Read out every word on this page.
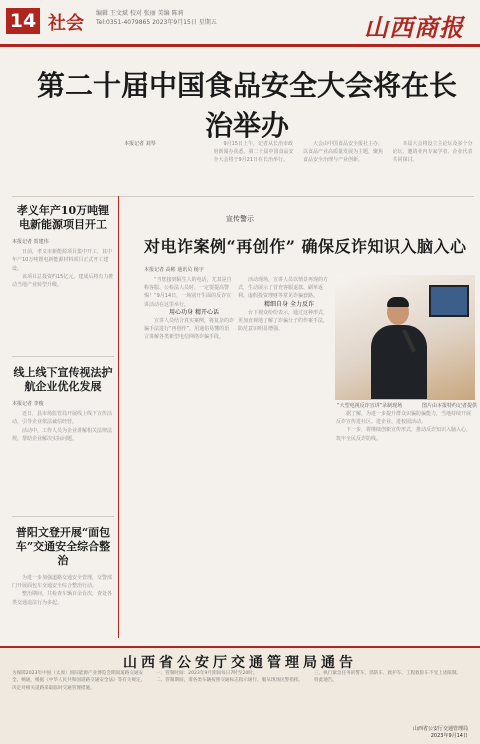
14 社会 编辑 王文斌 校对 张丽 美编 陈莉
Tel:0351-4079865 2023年9月15日 星期五	山西商报
第二十届中国食品安全大会将在长治举办
本报记者 刘琴	9月15日上午，记者从长治市政府新闻办获悉，第二十届中国食品安全大会将于9月21日在长治举行。

大会由中国食品安全报社主办，以食品产业高质量发展为主题，聚焦食品安全治理与产业创新。

本届大会将设立主论坛及多个分论坛，邀请业内专家学者、企业代表共同探讨。

孝义年产10万吨锂电新能源项目开工
本报记者 贺建伟

日前，孝义市新能源项目集中开工，其中年产10万吨锂电新能源材料项目正式开工建设。

该项目总投资约15亿元，建成后将有力推动当地产业转型升级。

线上线下宣传视法护航企业优化发展
本报记者 李俊

近日，县市场监管局开展线上线下宣传活动，引导企业依法诚信经营。

活动中，工作人员为企业讲解相关法律法规，帮助企业解决实际问题。

普阳文登开展“面包车”交通安全综合整治

为进一步加强道路交通安全管理，交警部门开展面包车交通安全综合整治行动。

整治期间，共检查车辆百余台次，查处各类交通违法行为多起。

宣传警示
对电诈案例“再创作” 确保反诈知识入脑入心
本报记者 高彬 通讯员 杨宇

“当您接到陌生人的电话，尤其是自称客服、公检法人员时，一定要提高警惕！”9月14日，一场别开生面的反诈宣讲活动在这里举行。

用心功身 精开心话

宣讲人员结合真实案例，将复杂的诈骗手法进行“再创作”，用通俗易懂的语言讲解各类新型电信网络诈骗手段。

活动现场，宣讲人员以情景再现的方式，生动展示了冒充客服退款、刷单返利、虚假投资理财等常见诈骗套路。

精细自身 全力反诈

台下观众纷纷表示，通过这种形式，更加直观地了解了诈骗分子的作案手法，防范意识明显增强。

“大型电视反诈宣讲”录制现场	图片由本报特约记者提供

据了解，为进一步提升群众识骗防骗能力，当地持续开展反诈宣传进社区、进企业、进校园活动。

下一步，将继续创新宣传形式，推动反诈知识入脑入心，筑牢全民反诈防线。

山西省公安厅交通管理局通告

为保障2023年中国（太原）国际能源产业博览会期间道路交通安全、畅通，根据《中华人民共和国道路交通安全法》等有关规定，决定对相关道路采取临时交通管理措施。

一、管制时间：2023年9月期间每日7时至20时。

二、管制期间，请各类车辆按照交通标志指示通行，服从现场民警指挥。

三、执行紧急任务的警车、消防车、救护车、工程救险车不受上述限制。

特此通告。

山西省公安厅交通管理局
2023年9月14日
